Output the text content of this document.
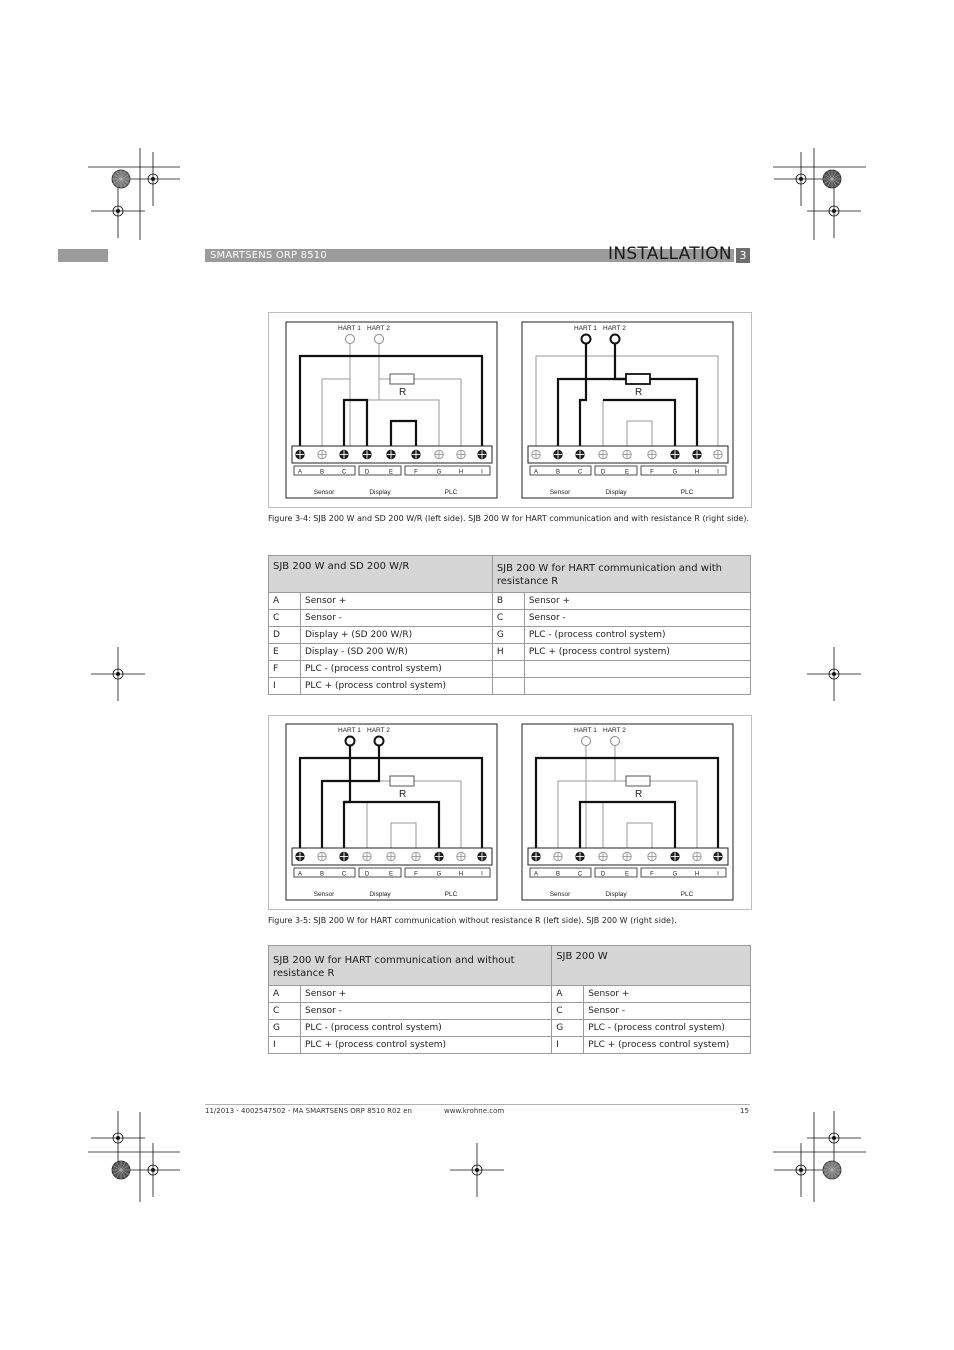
SMARTSENS ORP 8510	INSTALLATION 3
R
HART 1 HART 2
A	B	C	D	E	F	G	H	I
Sensor	Display	PLC
R
HART 1 HART 2
A	B	C	D	E	F	G	H	I
Sensor	Display	PLC
Figure 3-4: SJB 200 W and SD 200 W/R (left side). SJB 200 W for HART communication and with resistance R (right side).
SJB 200 W and SD 200 W/R		SJB 200 W for HART communication and with resistance R	
A	Sensor +	B	Sensor +
C	Sensor -	C	Sensor -
D	Display + (SD 200 W/R)	G	PLC - (process control system)
E	Display - (SD 200 W/R)	H	PLC + (process control system)
F	PLC - (process control system)		
I	PLC + (process control system)		
R
HART 1 HART 2
A	B	C	D	E	F	G	H	I
Sensor	Display	PLC
R
HART 1 HART 2
A	B	C	D	E	F	G	H	I
Sensor	Display	PLC
Figure 3-5: SJB 200 W for HART communication without resistance R (left side). SJB 200 W (right side).
SJB 200 W for HART communication and without resistance R		SJB 200 W	
A	Sensor +	A	Sensor +
C	Sensor -	C	Sensor -
G	PLC - (process control system)	G	PLC - (process control system)
I	PLC + (process control system)	I	PLC + (process control system)
11/2013 - 4002547502 - MA SMARTSENS ORP 8510 R02 en	www.krohne.com	15
